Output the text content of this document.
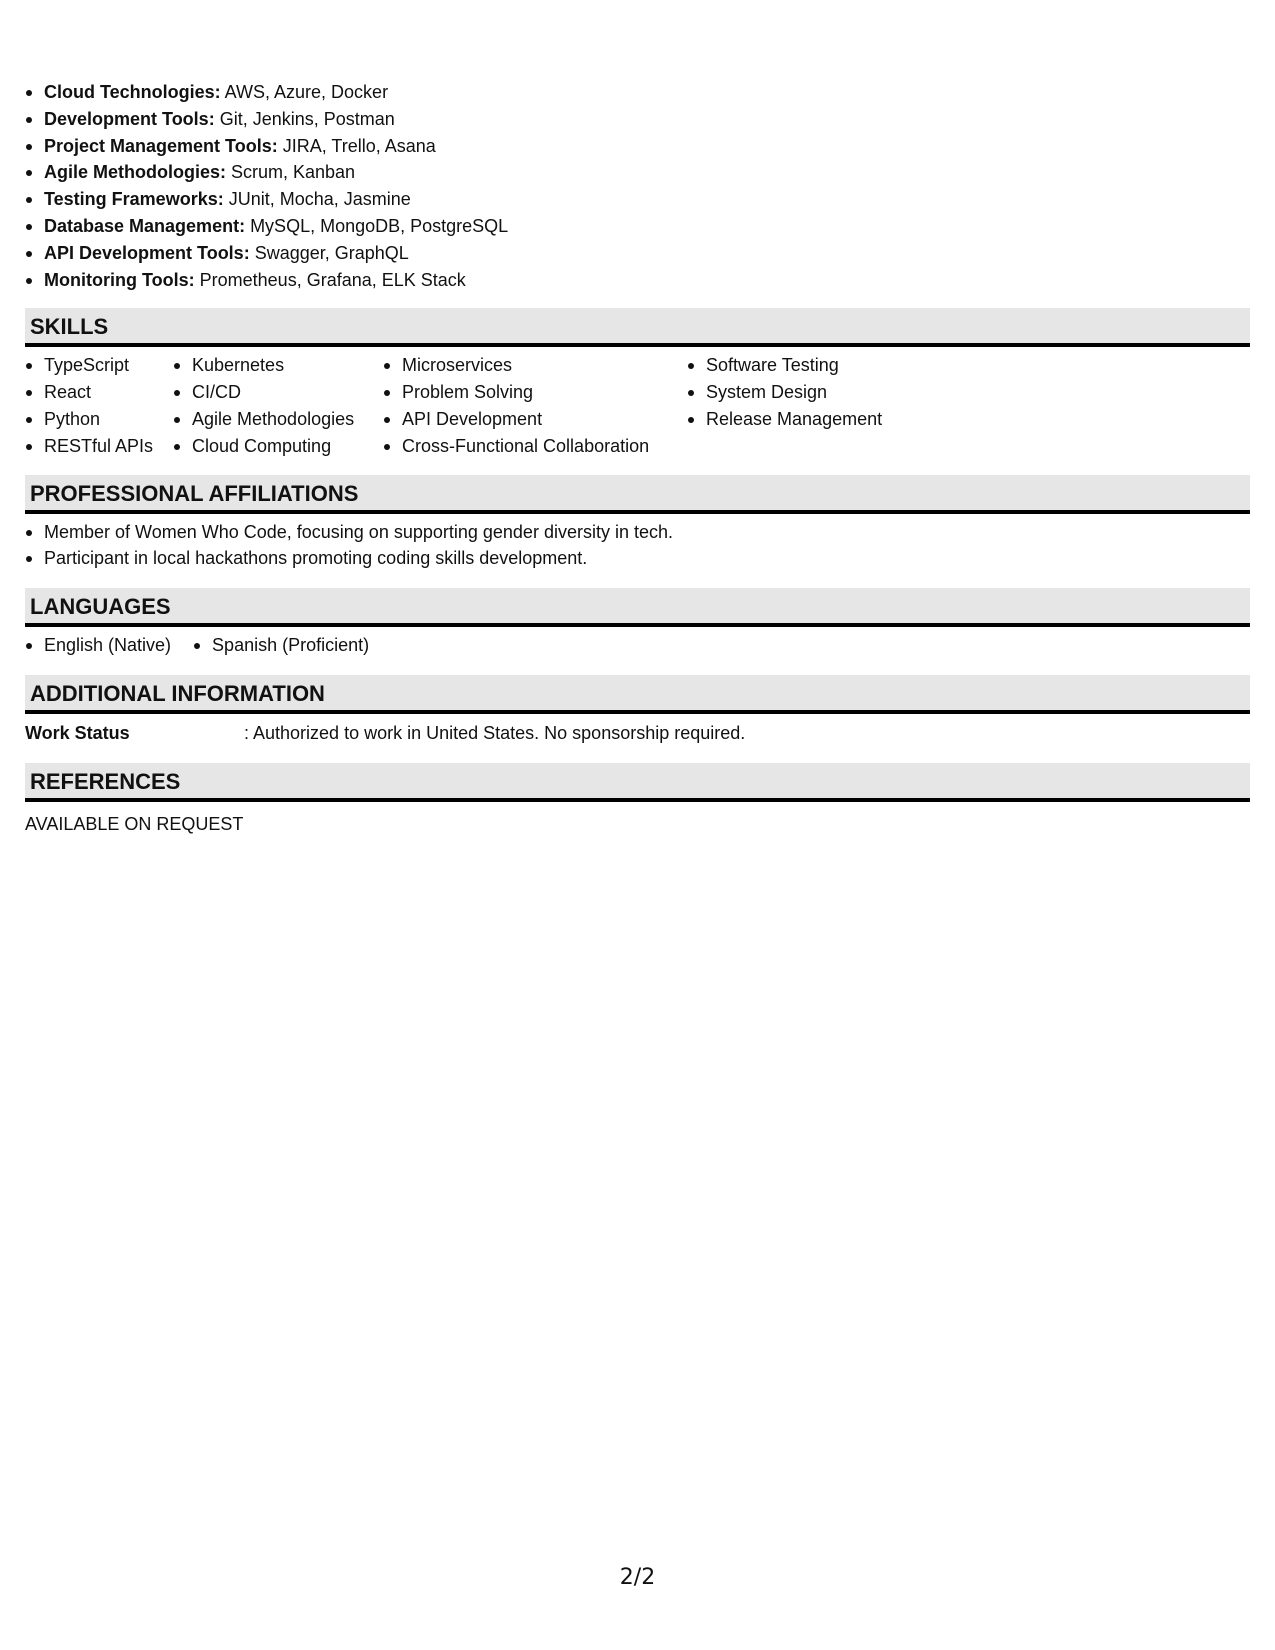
Cloud Technologies: AWS, Azure, Docker
Development Tools: Git, Jenkins, Postman
Project Management Tools: JIRA, Trello, Asana
Agile Methodologies: Scrum, Kanban
Testing Frameworks: JUnit, Mocha, Jasmine
Database Management: MySQL, MongoDB, PostgreSQL
API Development Tools: Swagger, GraphQL
Monitoring Tools: Prometheus, Grafana, ELK Stack
SKILLS
TypeScript
React
Python
RESTful APIs
Kubernetes
CI/CD
Agile Methodologies
Cloud Computing
Microservices
Problem Solving
API Development
Cross-Functional Collaboration
Software Testing
System Design
Release Management
PROFESSIONAL AFFILIATIONS
Member of Women Who Code, focusing on supporting gender diversity in tech.
Participant in local hackathons promoting coding skills development.
LANGUAGES
English (Native)	Spanish (Proficient)
ADDITIONAL INFORMATION
Work Status	: Authorized to work in United States. No sponsorship required.
REFERENCES
AVAILABLE ON REQUEST
2/2
